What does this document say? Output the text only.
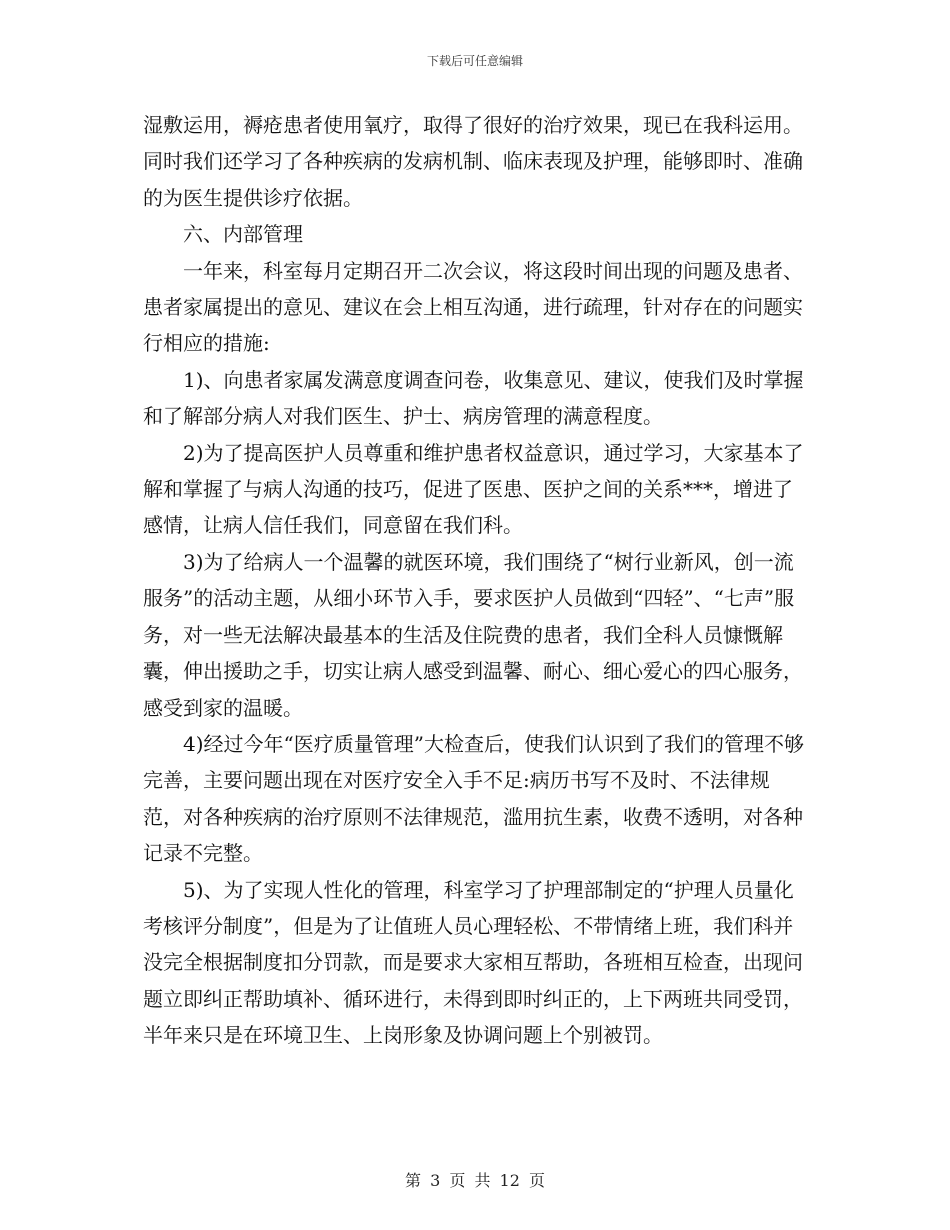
下载后可任意编辑

湿敷运用，褥疮患者使用氧疗，取得了很好的治疗效果，现已在我科运用。同时我们还学习了各种疾病的发病机制、临床表现及护理，能够即时、准确的为医生提供诊疗依据。

六、内部管理

一年来，科室每月定期召开二次会议，将这段时间出现的问题及患者、患者家属提出的意见、建议在会上相互沟通，进行疏理，针对存在的问题实行相应的措施:

1)、向患者家属发满意度调查问卷，收集意见、建议，使我们及时掌握和了解部分病人对我们医生、护士、病房管理的满意程度。

2)为了提高医护人员尊重和维护患者权益意识，通过学习，大家基本了解和掌握了与病人沟通的技巧，促进了医患、医护之间的关系***，增进了感情，让病人信任我们，同意留在我们科。

3)为了给病人一个温馨的就医环境，我们围绕了“树行业新风，创一流服务”的活动主题，从细小环节入手，要求医护人员做到“四轻”、“七声”服务，对一些无法解决最基本的生活及住院费的患者，我们全科人员慷慨解囊，伸出援助之手，切实让病人感受到温馨、耐心、细心爱心的四心服务，感受到家的温暖。

4)经过今年“医疗质量管理”大检查后，使我们认识到了我们的管理不够完善，主要问题出现在对医疗安全入手不足:病历书写不及时、不法律规范，对各种疾病的治疗原则不法律规范，滥用抗生素，收费不透明，对各种记录不完整。

5)、为了实现人性化的管理，科室学习了护理部制定的“护理人员量化考核评分制度”，但是为了让值班人员心理轻松、不带情绪上班，我们科并没完全根据制度扣分罚款，而是要求大家相互帮助，各班相互检查，出现问题立即纠正帮助填补、循环进行，未得到即时纠正的，上下两班共同受罚，半年来只是在环境卫生、上岗形象及协调问题上个别被罚。

第 3 页 共 12 页
